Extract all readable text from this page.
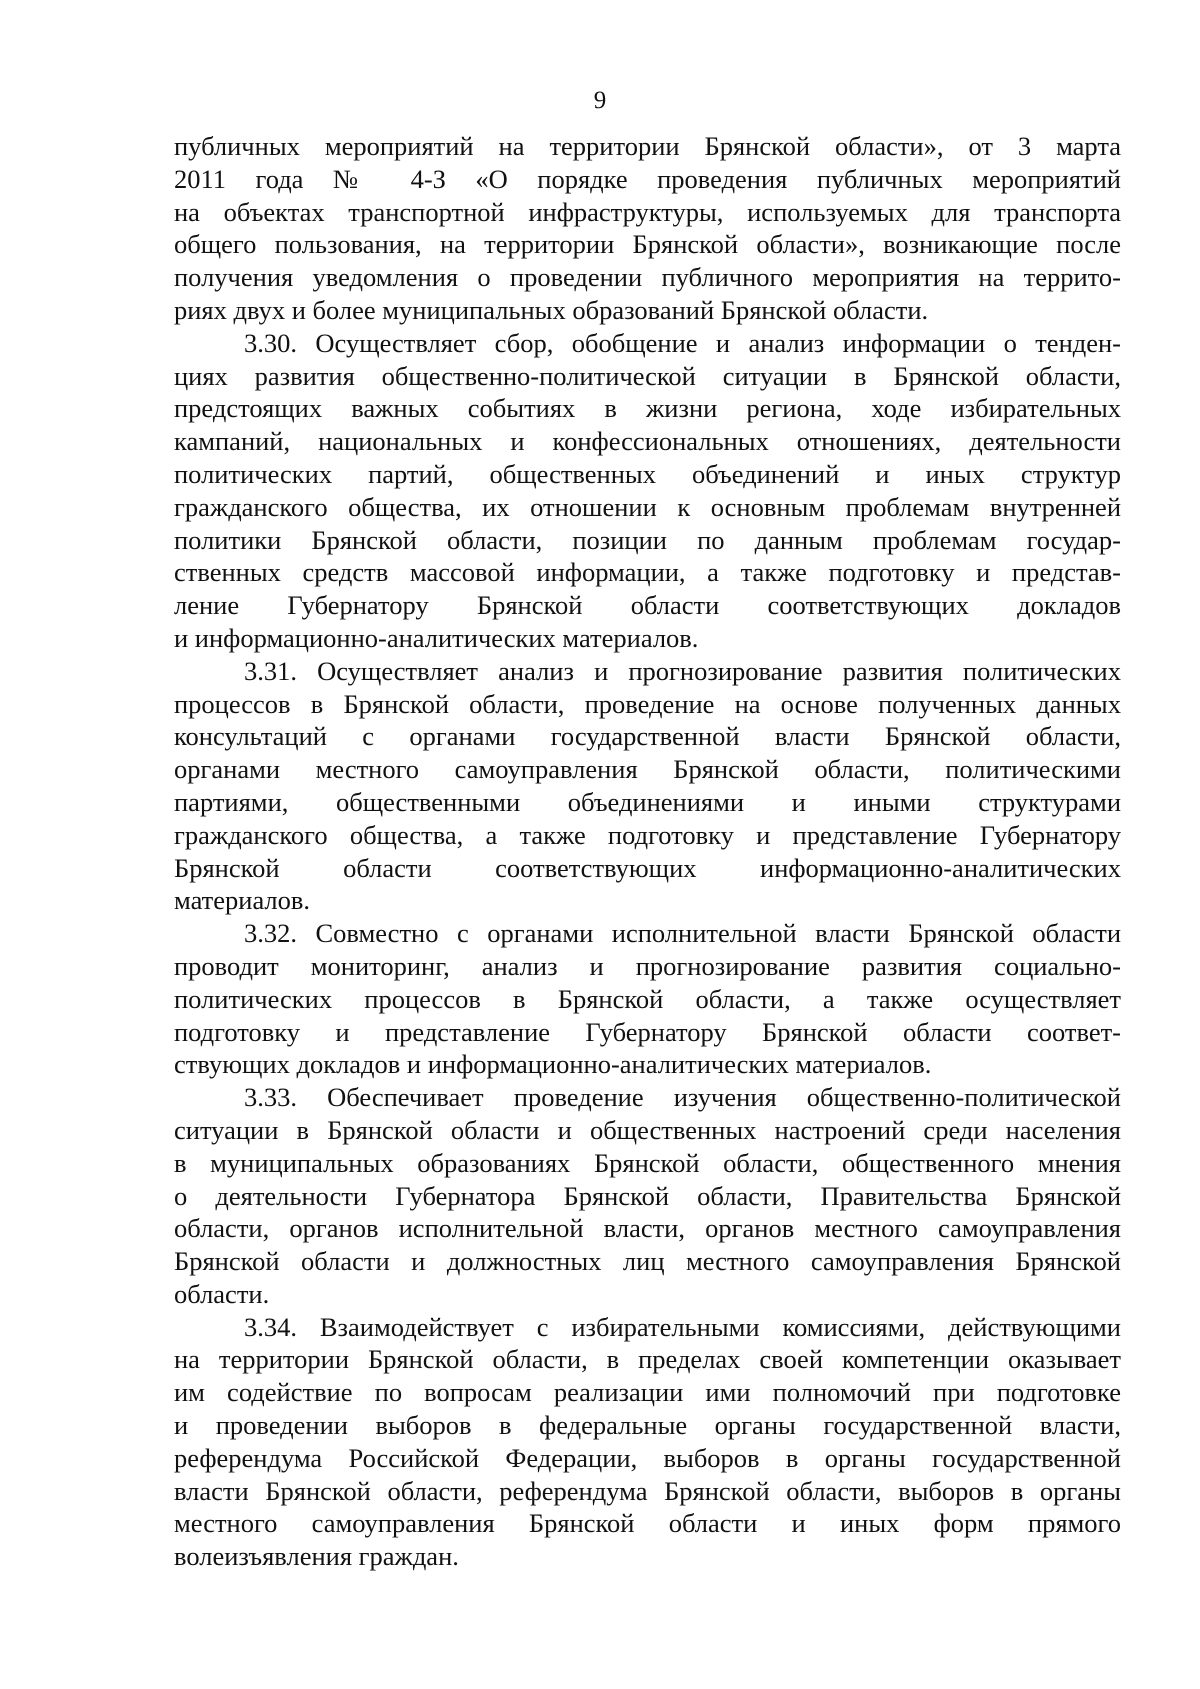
9
публичных мероприятий на территории Брянской области», от 3 марта
2011 года № 4-З «О порядке проведения публичных мероприятий
на объектах транспортной инфраструктуры, используемых для транспорта
общего пользования, на территории Брянской области», возникающие после
получения уведомления о проведении публичного мероприятия на террито-
риях двух и более муниципальных образований Брянской области.
3.30. Осуществляет сбор, обобщение и анализ информации о тенден-
циях развития общественно-политической ситуации в Брянской области,
предстоящих важных событиях в жизни региона, ходе избирательных
кампаний, национальных и конфессиональных отношениях, деятельности
политических партий, общественных объединений и иных структур
гражданского общества, их отношении к основным проблемам внутренней
политики Брянской области, позиции по данным проблемам государ-
ственных средств массовой информации, а также подготовку и представ-
ление Губернатору Брянской области соответствующих докладов
и информационно-аналитических материалов.
3.31. Осуществляет анализ и прогнозирование развития политических
процессов в Брянской области, проведение на основе полученных данных
консультаций с органами государственной власти Брянской области,
органами местного самоуправления Брянской области, политическими
партиями, общественными объединениями и иными структурами
гражданского общества, а также подготовку и представление Губернатору
Брянской области соответствующих информационно-аналитических
материалов.
3.32. Совместно с органами исполнительной власти Брянской области
проводит мониторинг, анализ и прогнозирование развития социально-
политических процессов в Брянской области, а также осуществляет
подготовку и представление Губернатору Брянской области соответ-
ствующих докладов и информационно-аналитических материалов.
3.33. Обеспечивает проведение изучения общественно-политической
ситуации в Брянской области и общественных настроений среди населения
в муниципальных образованиях Брянской области, общественного мнения
о деятельности Губернатора Брянской области, Правительства Брянской
области, органов исполнительной власти, органов местного самоуправления
Брянской области и должностных лиц местного самоуправления Брянской
области.
3.34. Взаимодействует с избирательными комиссиями, действующими
на территории Брянской области, в пределах своей компетенции оказывает
им содействие по вопросам реализации ими полномочий при подготовке
и проведении выборов в федеральные органы государственной власти,
референдума Российской Федерации, выборов в органы государственной
власти Брянской области, референдума Брянской области, выборов в органы
местного самоуправления Брянской области и иных форм прямого
волеизъявления граждан.
